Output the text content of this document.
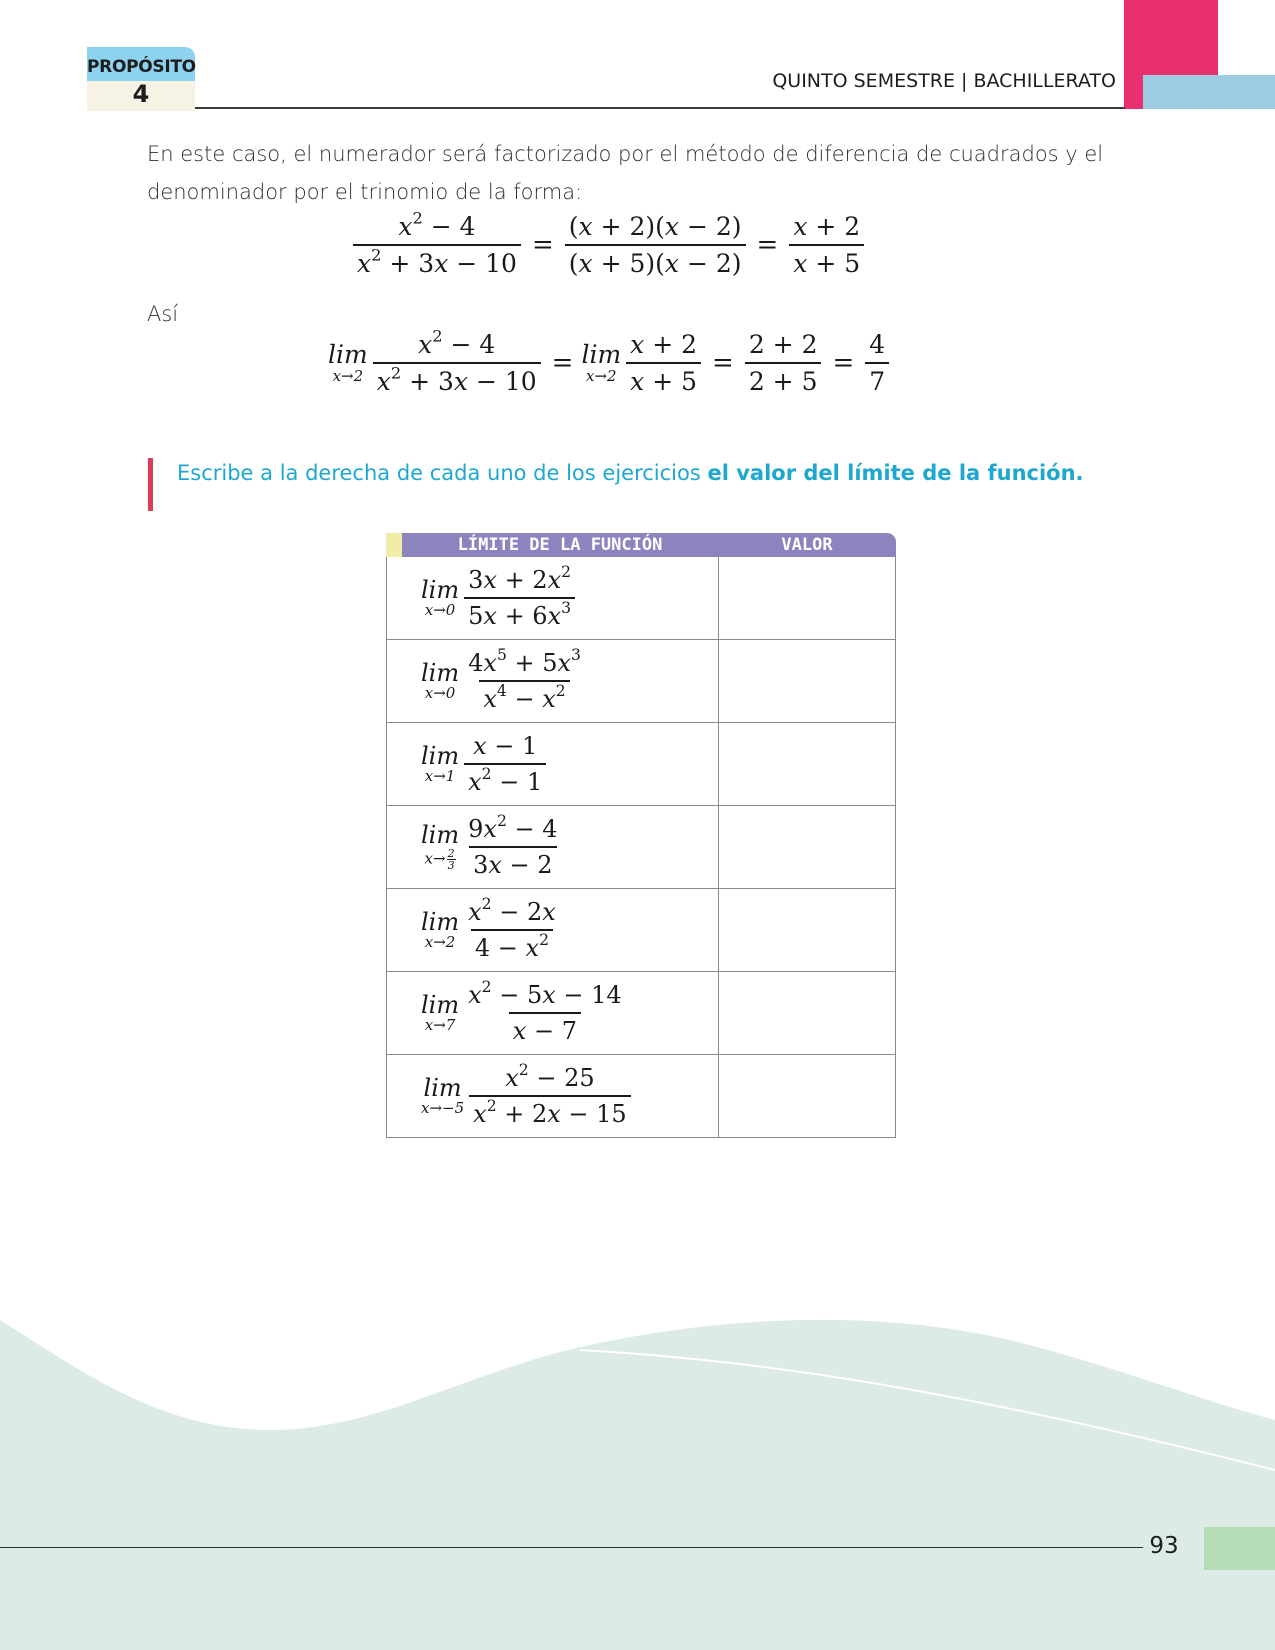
PROPÓSITO
4	QUINTO SEMESTRE | BACHILLERATO
En este caso, el numerador será factorizado por el método de diferencia de cuadrados y el
denominador por el trinomio de la forma:
$\frac{x^2 - 4}{x^2 + 3x - 10} = \frac{(x + 2)(x - 2)}{(x + 5)(x - 2)} = \frac{x + 2}{x + 5}$
Así
lim
$x\to 2 \frac{x^2 - 4}{x^2 + 3x - 10} = \lim$
$x\to 2 \frac{x + 2}{x + 5} = \frac{2 + 2}{2 + 5} = \frac{4}{7}$
Escribe a la derecha de cada uno de los ejercicios el valor del límite de la función.
LÍMITE DE LA FUNCIÓN	VALOR
lim
$x\to 0 \frac{3x + 2x^2}{5x + 6x^3}$
lim
$x\to 0 \frac{4x^5 + 5x^3}{x^4 - x^2}$
lim
$x\to 1 \frac{x - 1}{x^2 - 1}$
lim
$x\to \frac{2}{3} \frac{9x^2 - 4}{3x - 2}$
lim
$x\to 2 \frac{x^2 - 2x}{4 - x^2}$
lim
$x\to 7 \frac{x^2 - 5x - 14}{x - 7}$
lim
$x\to-5 \frac{x^2 - 25}{x^2 + 2x - 15}$
93
